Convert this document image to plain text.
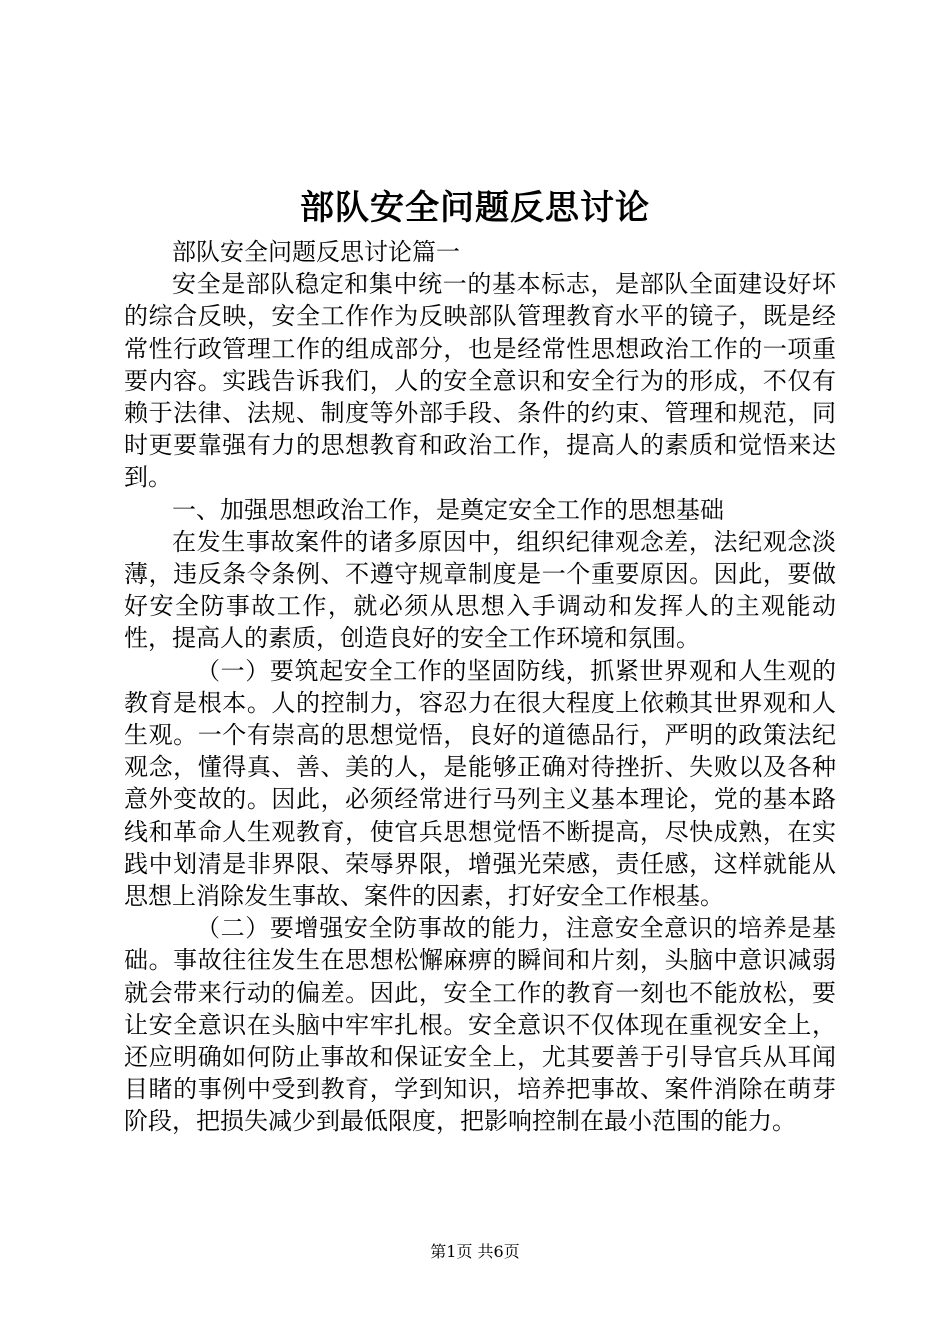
部队安全问题反思讨论

部队安全问题反思讨论篇一

安全是部队稳定和集中统一的基本标志，是部队全面建设好坏的综合反映，安全工作作为反映部队管理教育水平的镜子，既是经常性行政管理工作的组成部分，也是经常性思想政治工作的一项重要内容。实践告诉我们，人的安全意识和安全行为的形成，不仅有赖于法律、法规、制度等外部手段、条件的约束、管理和规范，同时更要靠强有力的思想教育和政治工作，提高人的素质和觉悟来达到。

一、加强思想政治工作，是奠定安全工作的思想基础

在发生事故案件的诸多原因中，组织纪律观念差，法纪观念淡薄，违反条令条例、不遵守规章制度是一个重要原因。因此，要做好安全防事故工作，就必须从思想入手调动和发挥人的主观能动性，提高人的素质，创造良好的安全工作环境和氛围。

（一）要筑起安全工作的坚固防线，抓紧世界观和人生观的教育是根本。人的控制力，容忍力在很大程度上依赖其世界观和人生观。一个有崇高的思想觉悟，良好的道德品行，严明的政策法纪观念，懂得真、善、美的人，是能够正确对待挫折、失败以及各种意外变故的。因此，必须经常进行马列主义基本理论，党的基本路线和革命人生观教育，使官兵思想觉悟不断提高，尽快成熟，在实践中划清是非界限、荣辱界限，增强光荣感，责任感，这样就能从思想上消除发生事故、案件的因素，打好安全工作根基。

（二）要增强安全防事故的能力，注意安全意识的培养是基础。事故往往发生在思想松懈麻痹的瞬间和片刻，头脑中意识减弱就会带来行动的偏差。因此，安全工作的教育一刻也不能放松，要让安全意识在头脑中牢牢扎根。安全意识不仅体现在重视安全上，还应明确如何防止事故和保证安全上，尤其要善于引导官兵从耳闻目睹的事例中受到教育，学到知识，培养把事故、案件消除在萌芽阶段，把损失减少到最低限度，把影响控制在最小范围的能力。

第1页 共6页
